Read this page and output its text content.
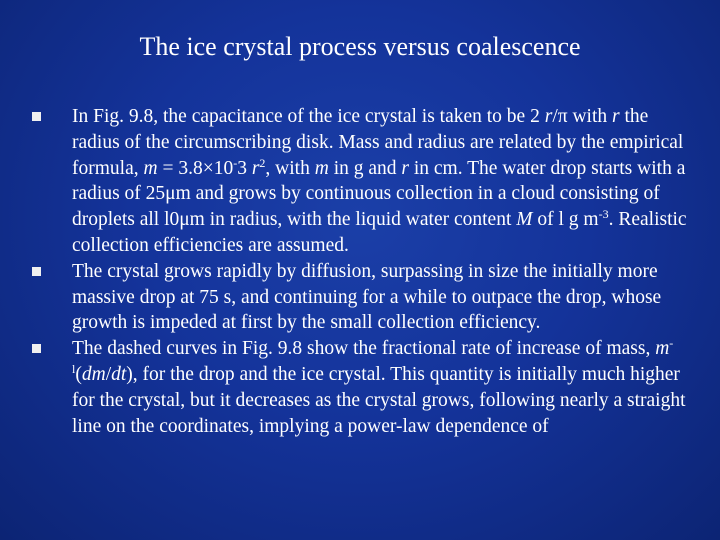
The ice crystal process versus coalescence
In Fig. 9.8, the capacitance of the ice crystal is taken to be 2 r/π with r the radius of the circumscribing disk. Mass and radius are related by the empirical formula, m = 3.8×10-3 $r^2$, with m in g and r in cm. The water drop starts with a radius of 25μm and grows by continuous collection in a cloud consisting of droplets all l0μm in radius, with the liquid water content M of l g $m^{-3}$. Realistic collection efficiencies are assumed.
The crystal grows rapidly by diffusion, surpassing in size the initially more massive drop at 75 s, and continuing for a while to outpace the drop, whose growth is impeded at first by the small collection efficiency.
The dashed curves in Fig. 9.8 show the fractional rate of increase of mass, $m^{-l}(dm/dt)$, for the drop and the ice crystal. This quantity is initially much higher for the crystal, but it decreases as the crystal grows, following nearly a straight line on the coordinates, implying a power-law dependence of
